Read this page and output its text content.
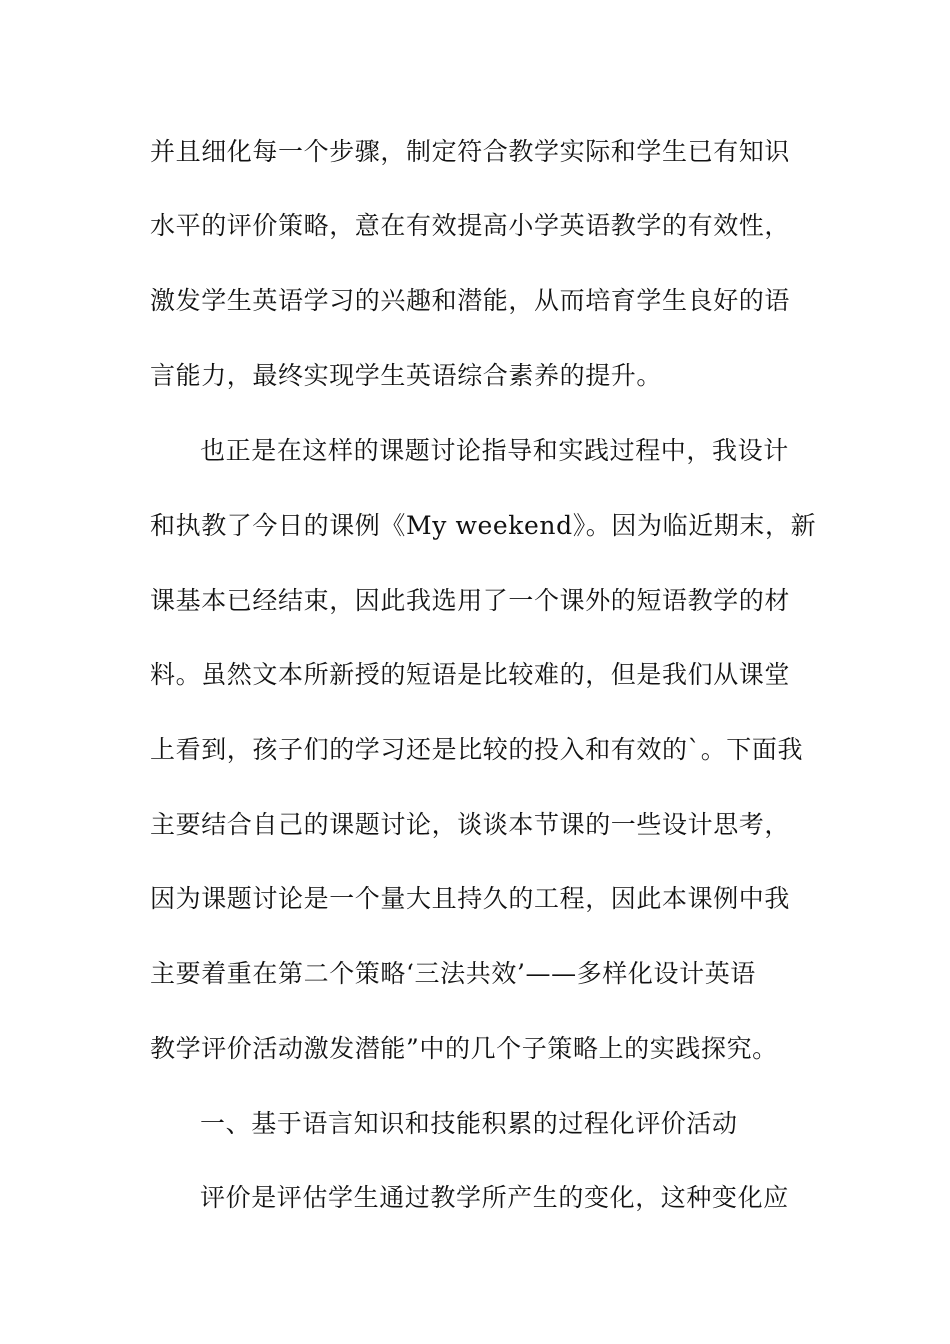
并且细化每一个步骤，制定符合教学实际和学生已有知识
水平的评价策略，意在有效提高小学英语教学的有效性，
激发学生英语学习的兴趣和潜能，从而培育学生良好的语
言能力，最终实现学生英语综合素养的提升。
也正是在这样的课题讨论指导和实践过程中，我设计
和执教了今日的课例《My weekend》。因为临近期末，新
课基本已经结束，因此我选用了一个课外的短语教学的材
料。虽然文本所新授的短语是比较难的，但是我们从课堂
上看到，孩子们的学习还是比较的投入和有效的`。下面我
主要结合自己的课题讨论，谈谈本节课的一些设计思考，
因为课题讨论是一个量大且持久的工程，因此本课例中我
主要着重在第二个策略‘三法共效’——多样化设计英语
教学评价活动激发潜能”中的几个子策略上的实践探究。
一、基于语言知识和技能积累的过程化评价活动
评价是评估学生通过教学所产生的变化，这种变化应
